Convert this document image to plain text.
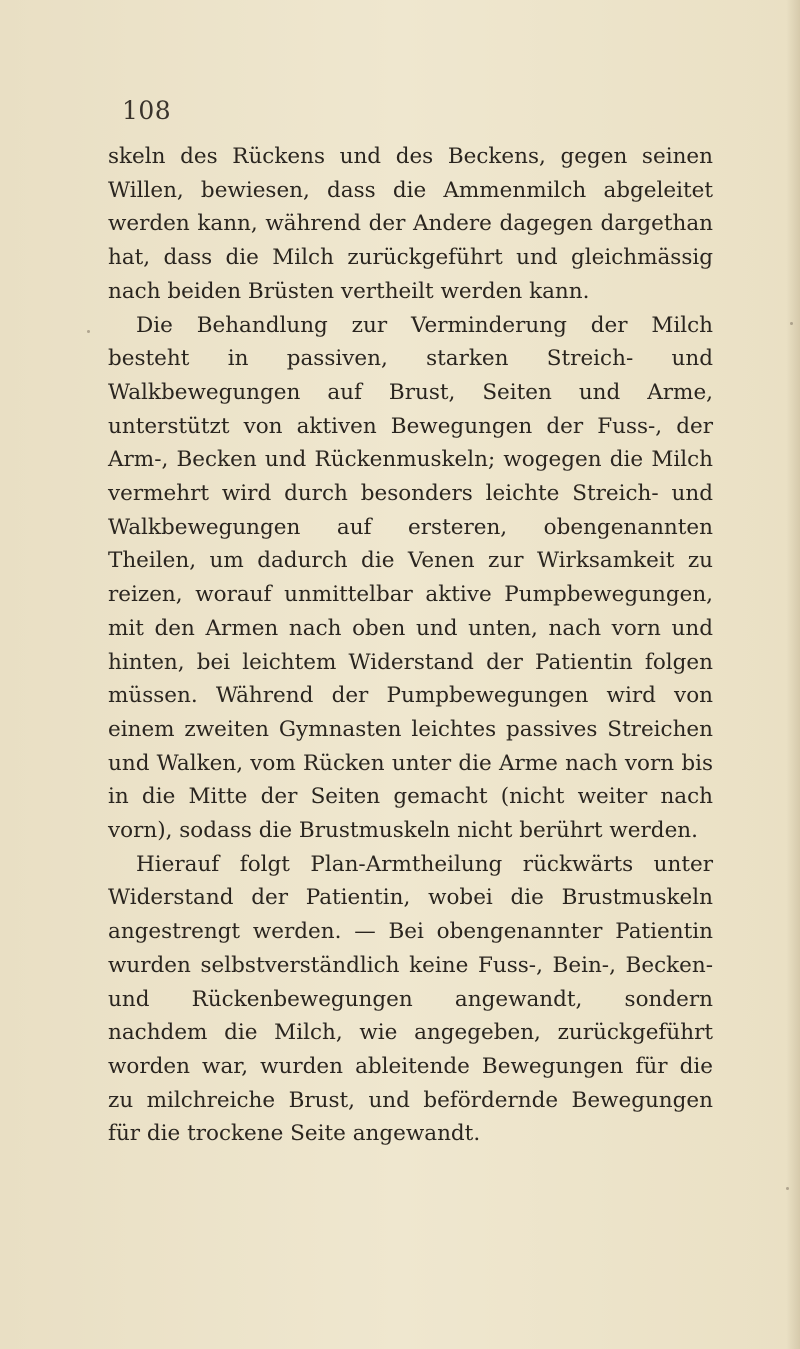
108

skeln des Rückens und des Beckens, gegen seinen Willen, bewiesen, dass die Ammenmilch abgeleitet werden kann, während der Andere dagegen dargethan hat, dass die Milch zurückgeführt und gleichmässig nach beiden Brüsten vertheilt werden kann.

Die Behandlung zur Verminderung der Milch besteht in passiven, starken Streich- und Walkbewegungen auf Brust, Seiten und Arme, unterstützt von aktiven Bewegungen der Fuss-, der Arm-, Becken und Rückenmuskeln; wogegen die Milch vermehrt wird durch besonders leichte Streich- und Walkbewegungen auf ersteren, obengenannten Theilen, um dadurch die Venen zur Wirksamkeit zu reizen, worauf unmittelbar aktive Pumpbewegungen, mit den Armen nach oben und unten, nach vorn und hinten, bei leichtem Widerstand der Patientin folgen müssen. Während der Pumpbewegungen wird von einem zweiten Gymnasten leichtes passives Streichen und Walken, vom Rücken unter die Arme nach vorn bis in die Mitte der Seiten gemacht (nicht weiter nach vorn), sodass die Brustmuskeln nicht berührt werden.

Hierauf folgt Plan-Armtheilung rückwärts unter Widerstand der Patientin, wobei die Brustmuskeln angestrengt werden. — Bei obengenannter Patientin wurden selbstverständlich keine Fuss-, Bein-, Becken- und Rückenbewegungen angewandt, sondern nachdem die Milch, wie angegeben, zurückgeführt worden war, wurden ableitende Bewegungen für die zu milchreiche Brust, und befördernde Bewegungen für die trockene Seite angewandt.
